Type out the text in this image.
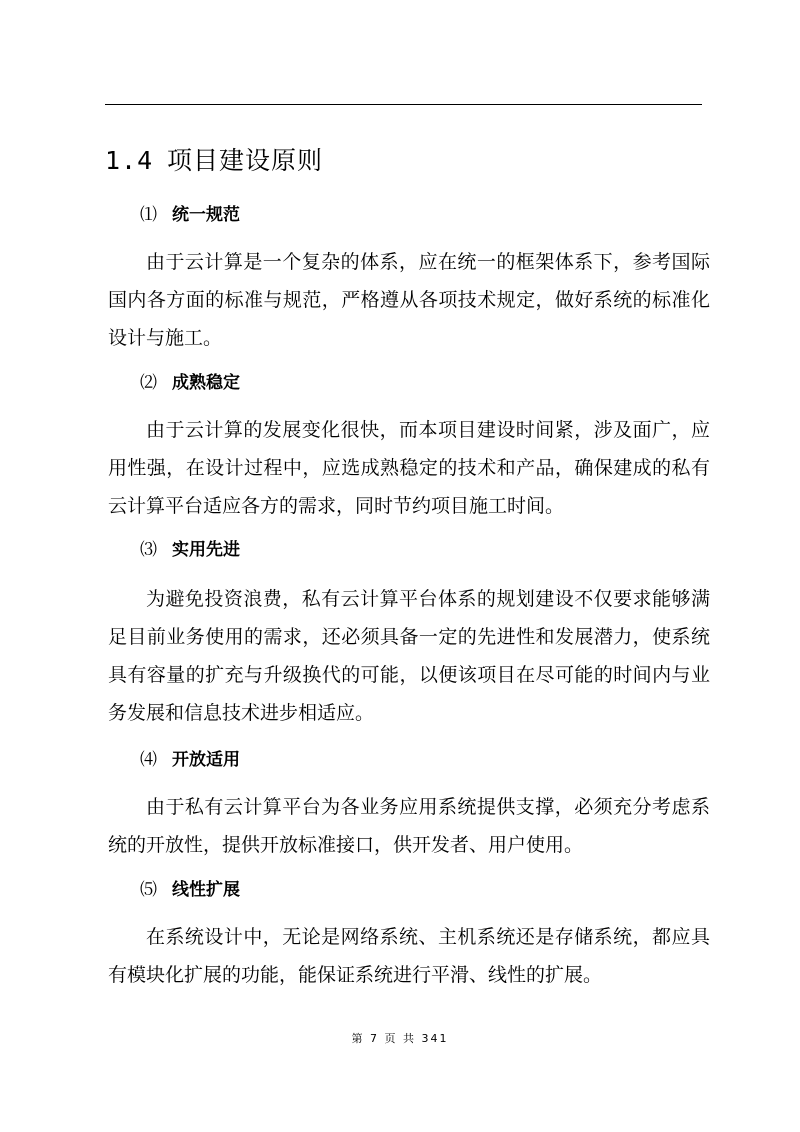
1.4 项目建设原则
⑴ 统一规范
由于云计算是一个复杂的体系，应在统一的框架体系下，参考国际
国内各方面的标准与规范，严格遵从各项技术规定，做好系统的标准化
设计与施工。
⑵ 成熟稳定
由于云计算的发展变化很快，而本项目建设时间紧，涉及面广，应
用性强，在设计过程中，应选成熟稳定的技术和产品，确保建成的私有
云计算平台适应各方的需求，同时节约项目施工时间。
⑶ 实用先进
为避免投资浪费，私有云计算平台体系的规划建设不仅要求能够满
足目前业务使用的需求，还必须具备一定的先进性和发展潜力，使系统
具有容量的扩充与升级换代的可能，以便该项目在尽可能的时间内与业
务发展和信息技术进步相适应。
⑷ 开放适用
由于私有云计算平台为各业务应用系统提供支撑，必须充分考虑系
统的开放性，提供开放标准接口，供开发者、用户使用。
⑸ 线性扩展
在系统设计中，无论是网络系统、主机系统还是存储系统，都应具
有模块化扩展的功能，能保证系统进行平滑、线性的扩展。
第 7 页 共 341
